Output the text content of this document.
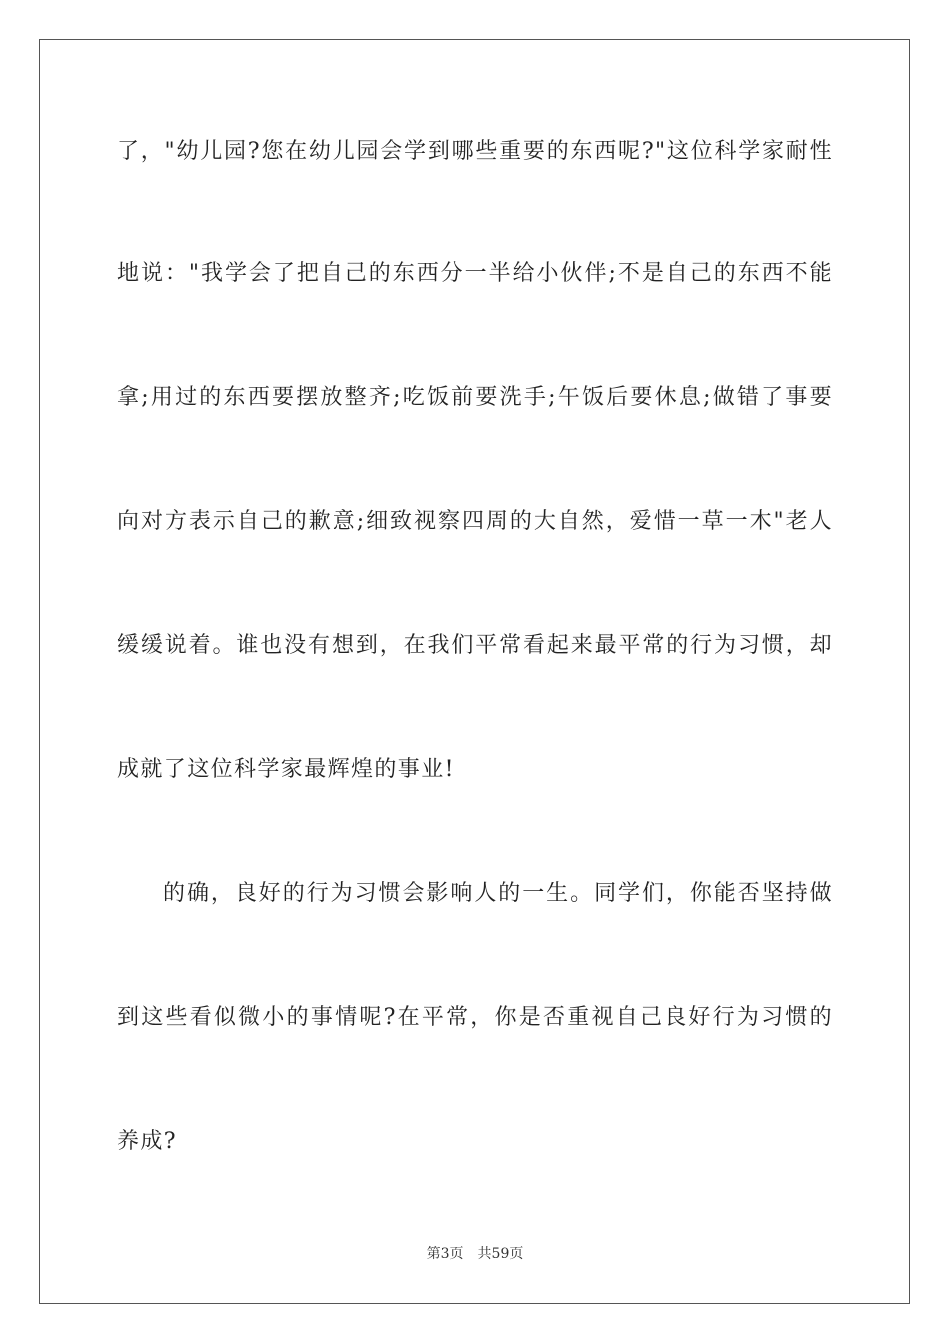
了，"幼儿园?您在幼儿园会学到哪些重要的东西呢?"这位科学家耐性
地说："我学会了把自己的东西分一半给小伙伴;不是自己的东西不能
拿;用过的东西要摆放整齐;吃饭前要洗手;午饭后要休息;做错了事要
向对方表示自己的歉意;细致视察四周的大自然，爱惜一草一木"老人
缓缓说着。谁也没有想到，在我们平常看起来最平常的行为习惯，却
成就了这位科学家最辉煌的事业!
的确，良好的行为习惯会影响人的一生。同学们，你能否坚持做
到这些看似微小的事情呢?在平常，你是否重视自己良好行为习惯的
养成?
第3页 共59页
